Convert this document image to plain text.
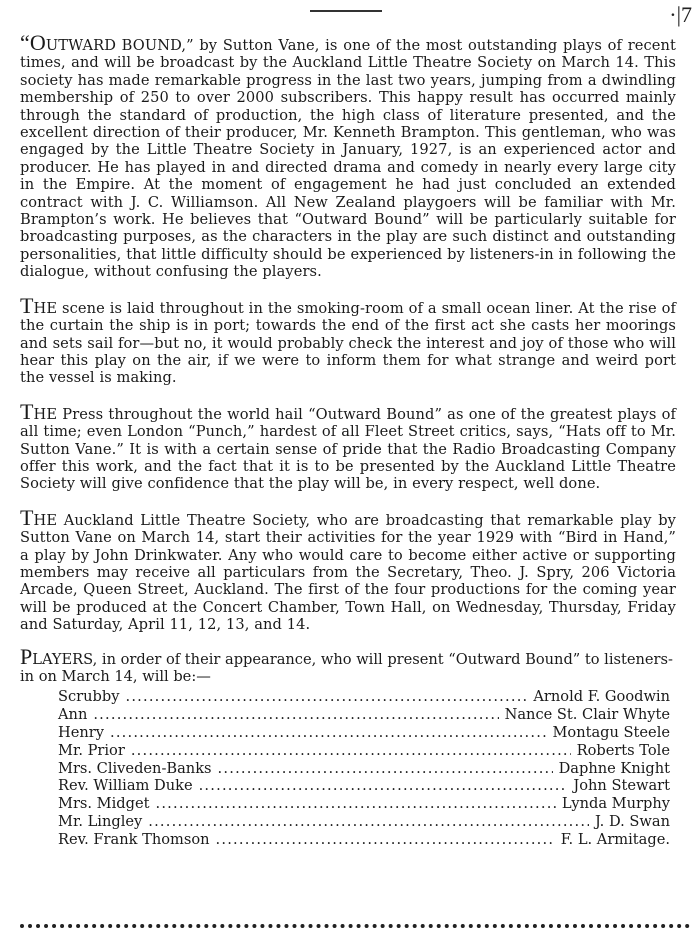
·|7

“OUTWARD BOUND,” by Sutton Vane, is one of the most outstanding plays of recent times, and will be broadcast by the Auckland Little Theatre Society on March 14. This society has made remarkable progress in the last two years, jumping from a dwindling membership of 250 to over 2000 subscribers. This happy result has occurred mainly through the standard of production, the high class of literature presented, and the excellent direction of their producer, Mr. Kenneth Brampton. This gentleman, who was engaged by the Little Theatre Society in January, 1927, is an experienced actor and producer. He has played in and directed drama and comedy in nearly every large city in the Empire. At the moment of engagement he had just concluded an extended contract with J. C. Williamson. All New Zealand playgoers will be familiar with Mr. Brampton’s work. He believes that “Outward Bound” will be particularly suitable for broadcasting purposes, as the characters in the play are such distinct and outstanding personalities, that little difficulty should be experienced by listeners-in in following the dialogue, without confusing the players.

THE scene is laid throughout in the smoking-room of a small ocean liner. At the rise of the curtain the ship is in port; towards the end of the first act she casts her moorings and sets sail for—but no, it would probably check the interest and joy of those who will hear this play on the air, if we were to inform them for what strange and weird port the vessel is making.

THE Press throughout the world hail “Outward Bound” as one of the greatest plays of all time; even London “Punch,” hardest of all Fleet Street critics, says, “Hats off to Mr. Sutton Vane.” It is with a certain sense of pride that the Radio Broadcasting Company offer this work, and the fact that it is to be presented by the Auckland Little Theatre Society will give confidence that the play will be, in every respect, well done.

THE Auckland Little Theatre Society, who are broadcasting that remarkable play by Sutton Vane on March 14, start their activities for the year 1929 with “Bird in Hand,” a play by John Drinkwater. Any who would care to become either active or supporting members may receive all particulars from the Secretary, Theo. J. Spry, 206 Victoria Arcade, Queen Street, Auckland. The first of the four productions for the coming year will be produced at the Concert Chamber, Town Hall, on Wednesday, Thursday, Friday and Saturday, April 11, 12, 13, and 14.

PLAYERS, in order of their appearance, who will present “Outward Bound” to listeners-in on March 14, will be:—

Scrubby .....	Arnold F. Goodwin
Ann .....	Nance St. Clair Whyte
Henry .....	Montagu Steele
Mr. Prior .....	Roberts Tole
Mrs. Cliveden-Banks .....	Daphne Knight
Rev. William Duke .....	John Stewart
Mrs. Midget .....	Lynda Murphy
Mr. Lingley .....	J. D. Swan
Rev. Frank Thomson .....	F. L. Armitage.
